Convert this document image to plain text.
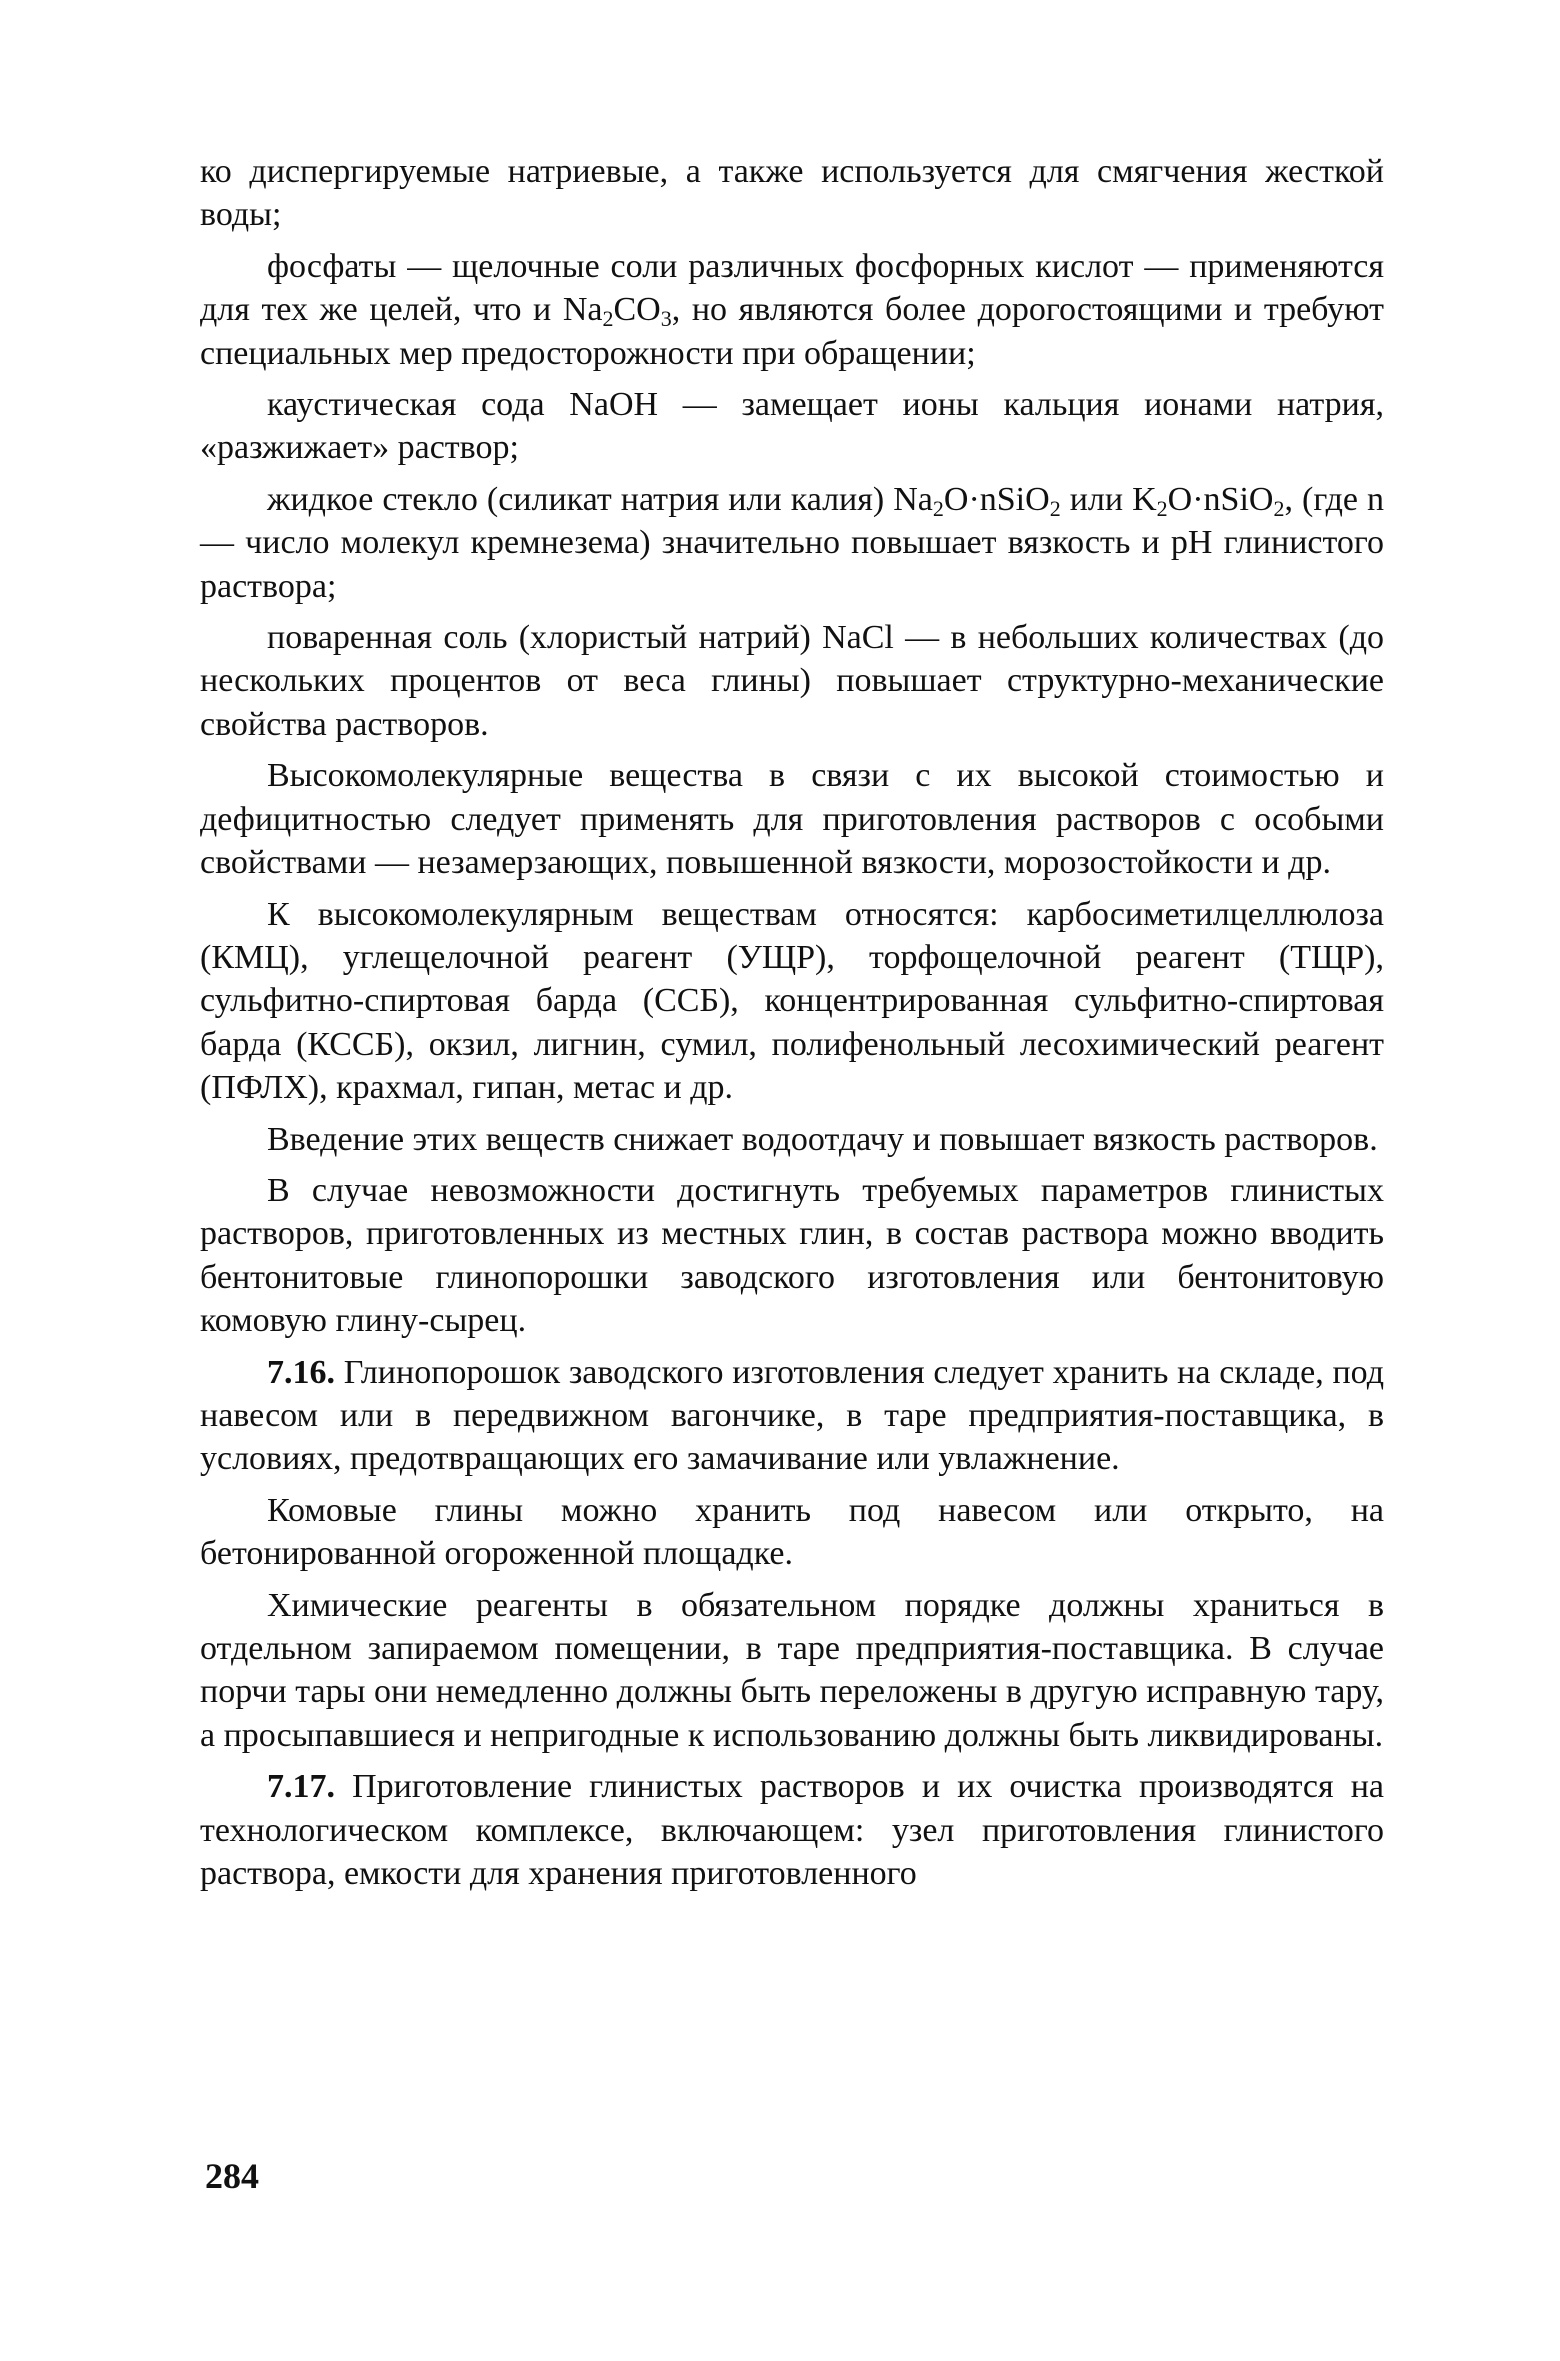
ко диспергируемые натриевые, а также используется для смягчения жесткой воды;

фосфаты — щелочные соли различных фосфорных кислот — применяются для тех же целей, что и $Na_2CO_3$, но являются более дорогостоящими и требуют специальных мер предосторожности при обращении;

каустическая сода NaOH — замещает ионы кальция ионами натрия, «разжижает» раствор;

жидкое стекло (силикат натрия или калия) $Na_2O\cdot nSiO_2$ или $K_2O\cdot nSiO_2$, (где n — число молекул кремнезема) значительно повышает вязкость и pH глинистого раствора;

поваренная соль (хлористый натрий) NaCl — в небольших количествах (до нескольких процентов от веса глины) повышает структурно-механические свойства растворов.

Высокомолекулярные вещества в связи с их высокой стоимостью и дефицитностью следует применять для приготовления растворов с особыми свойствами — незамерзающих, повышенной вязкости, морозостойкости и др.

К высокомолекулярным веществам относятся: карбосиметилцеллюлоза (КМЦ), углещелочной реагент (УЩР), торфощелочной реагент (ТЩР), сульфитно-спиртовая барда (ССБ), концентрированная сульфитно-спиртовая барда (КССБ), окзил, лигнин, сумил, полифенольный лесохимический реагент (ПФЛХ), крахмал, гипан, метас и др.

Введение этих веществ снижает водоотдачу и повышает вязкость растворов.

В случае невозможности достигнуть требуемых параметров глинистых растворов, приготовленных из местных глин, в состав раствора можно вводить бентонитовые глинопорошки заводского изготовления или бентонитовую комовую глину-сырец.

7.16. Глинопорошок заводского изготовления следует хранить на складе, под навесом или в передвижном вагончике, в таре предприятия-поставщика, в условиях, предотвращающих его замачивание или увлажнение.

Комовые глины можно хранить под навесом или открыто, на бетонированной огороженной площадке.

Химические реагенты в обязательном порядке должны храниться в отдельном запираемом помещении, в таре предприятия-поставщика. В случае порчи тары они немедленно должны быть переложены в другую исправную тару, а просыпавшиеся и непригодные к использованию должны быть ликвидированы.

7.17. Приготовление глинистых растворов и их очистка производятся на технологическом комплексе, включающем: узел приготовления глинистого раствора, емкости для хранения приготовленного

284
